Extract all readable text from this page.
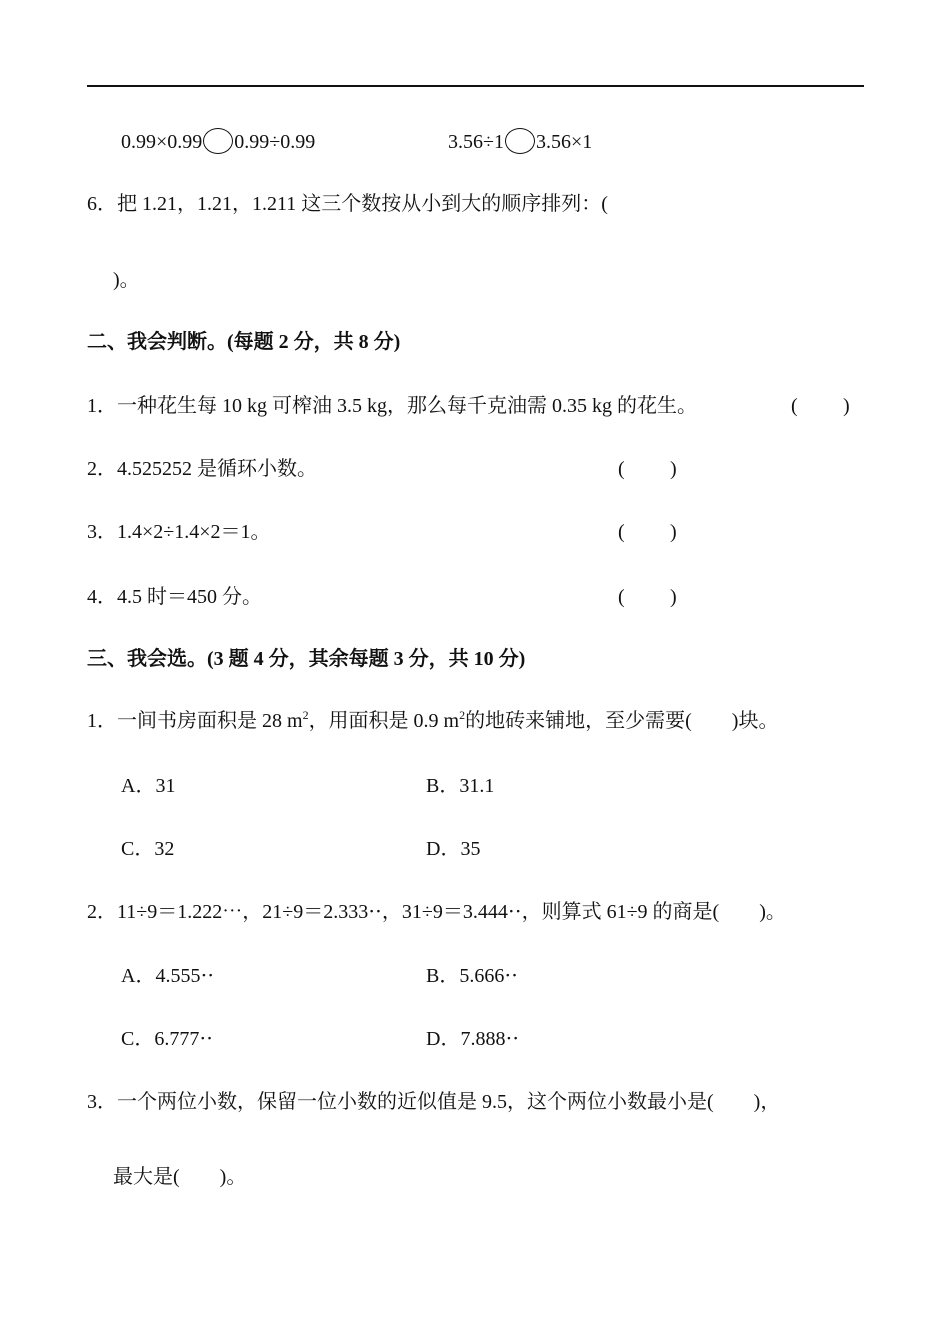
0.99×0.99 0.99÷0.99	3.56÷1 3.56×1
6．把 1.21，1.21，1.211 这三个数按从小到大的顺序排列：(
)。
二、我会判断。(每题 2 分，共 8 分)
1．一种花生每 10 kg 可榨油 3.5 kg，那么每千克油需 0.35 kg 的花生。	( )
2．4.525252 是循环小数。	( )
3．1.4×2÷1.4×2＝1。	( )
4．4.5 时＝450 分。	( )
三、我会选。(3 题 4 分，其余每题 3 分，共 10 分)
1．一间书房面积是 28 $m^2$，用面积是 0.9 $m^2$的地砖来铺地，至少需要(　　)块。
A．31	B．31.1
C．32	D．35
2．11÷9＝1.222⋯，21÷9＝2.333⋅⋅，31÷9＝3.444⋅⋅，则算式 61÷9 的商是(　　)。
A．4.555⋅⋅	B．5.666⋅⋅
C．6.777⋅⋅	D．7.888⋅⋅
3．一个两位小数，保留一位小数的近似值是 9.5，这个两位小数最小是(　　)，
最大是(　　)。
